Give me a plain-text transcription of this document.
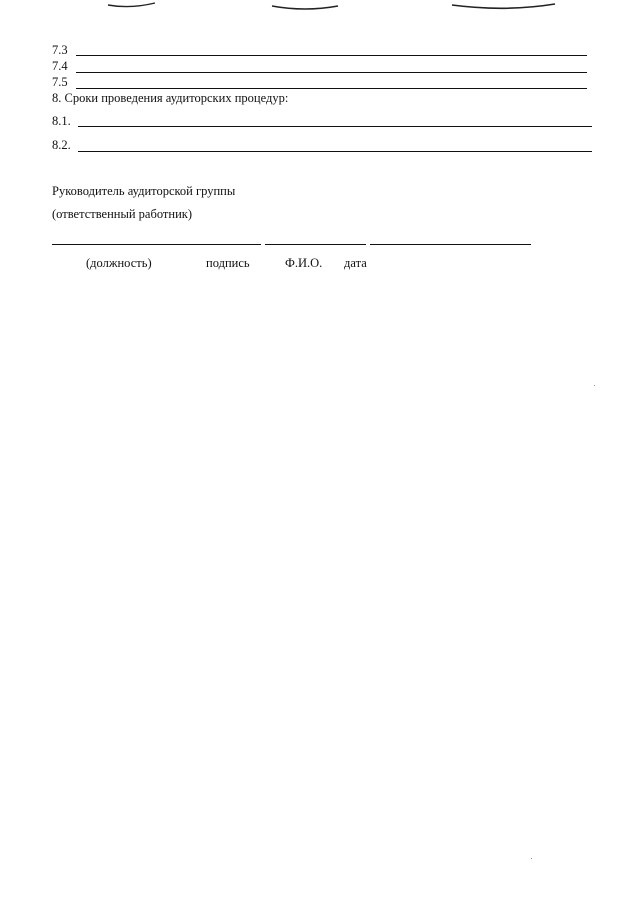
7.3
7.4
7.5
8. Сроки проведения аудиторских процедур:
8.1.
8.2.
Руководитель аудиторской группы
(ответственный работник)
(должность)	подпись	Ф.И.О. дата
